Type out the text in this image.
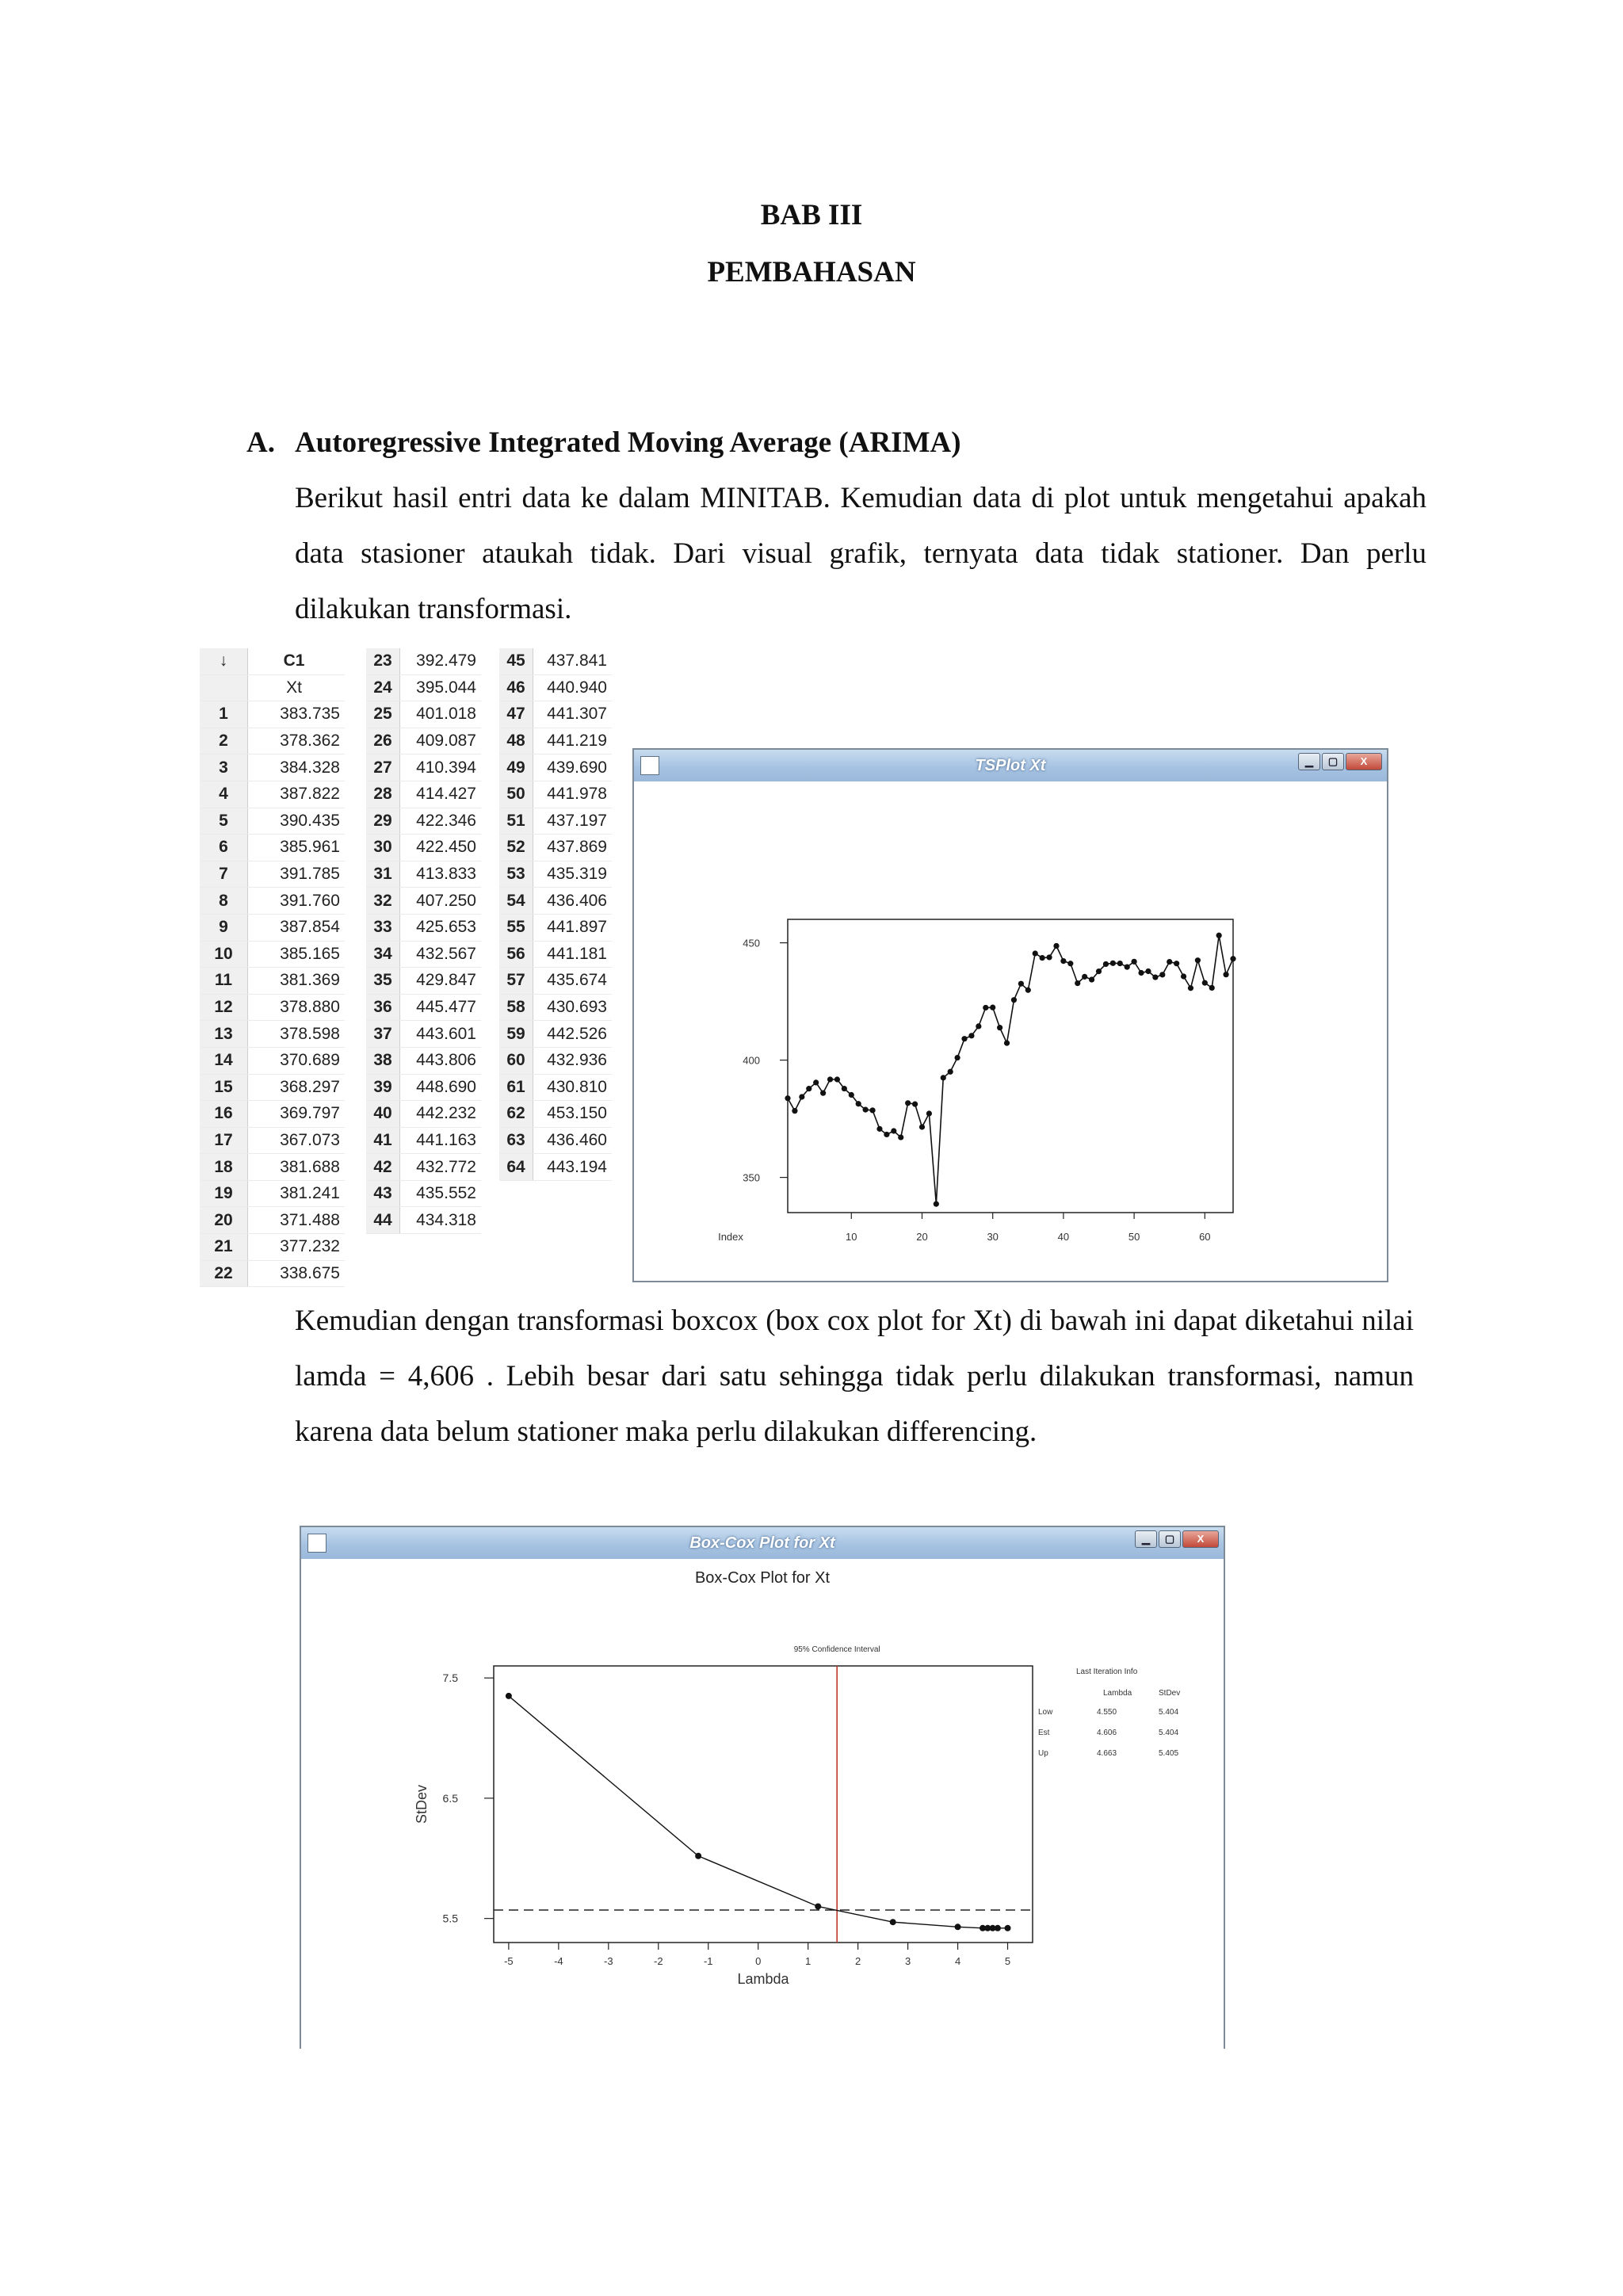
BAB III
PEMBAHASAN
A. Autoregressive Integrated Moving Average (ARIMA)
Berikut hasil entri data ke dalam MINITAB. Kemudian data di plot untuk mengetahui apakah data stasioner ataukah tidak. Dari visual grafik, ternyata data tidak stationer. Dan perlu dilakukan transformasi.
↓	C1
	Xt
1	383.735
2	378.362
3	384.328
4	387.822
5	390.435
6	385.961
7	391.785
8	391.760
9	387.854
10	385.165
11	381.369
12	378.880
13	378.598
14	370.689
15	368.297
16	369.797
17	367.073
18	381.688
19	381.241
20	371.488
21	377.232
22	338.675
23	392.479
24	395.044
25	401.018
26	409.087
27	410.394
28	414.427
29	422.346
30	422.450
31	413.833
32	407.250
33	425.653
34	432.567
35	429.847
36	445.477
37	443.601
38	443.806
39	448.690
40	442.232
41	441.163
42	432.772
43	435.552
44	434.318
45	437.841
46	440.940
47	441.307
48	441.219
49	439.690
50	441.978
51	437.197
52	437.869
53	435.319
54	436.406
55	441.897
56	441.181
57	435.674
58	430.693
59	442.526
60	432.936
61	430.810
62	453.150
63	436.460
64	443.194
TSPlot Xt	▁	▢	X
350
400
450
10	20	30	40	50	60
Index
Kemudian dengan transformasi boxcox (box cox plot for Xt) di bawah ini dapat diketahui nilai lamda = 4,606 . Lebih besar dari satu sehingga tidak perlu dilakukan transformasi, namun karena data belum stationer maka perlu dilakukan differencing.
Box-Cox Plot for Xt	▁	▢	X
Box-Cox Plot for Xt
5.5
6.5
7.5
-5	-4	-3	-2	-1	0	1	2	3	4	5
Lambda
StDev
95% Confidence Interval
Last Iteration Info
Lambda	StDev
Low	4.550	5.404
Est	4.606	5.404
Up	4.663	5.405
